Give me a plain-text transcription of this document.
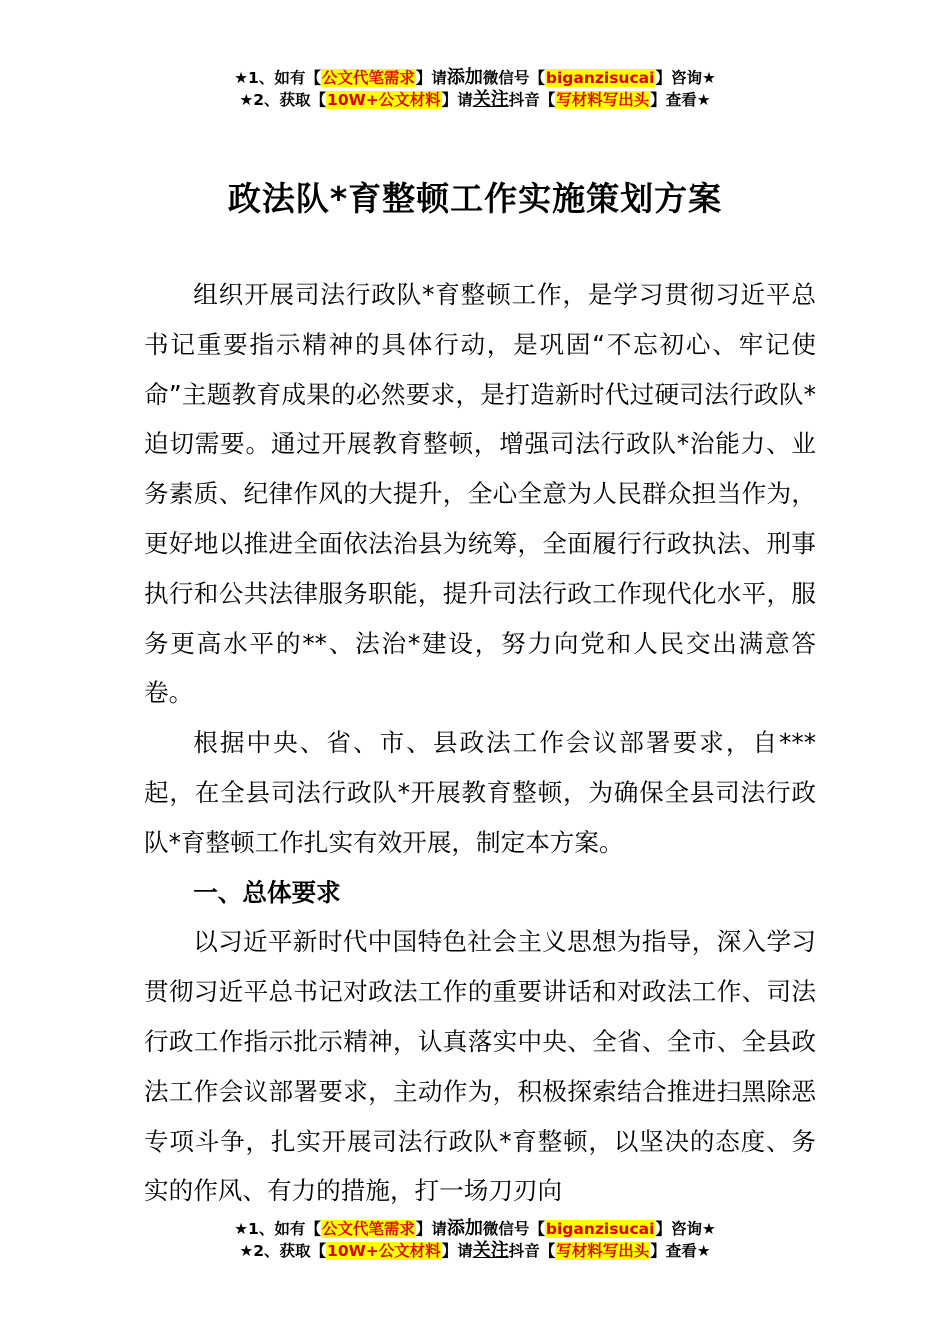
★1、如有【公文代笔需求】请添加微信号【biganzisucai】咨询★
★2、获取【10W+公文材料】请关注抖音【写材料写出头】查看★
政法队*育整顿工作实施策划方案

组织开展司法行政队*育整顿工作，是学习贯彻习近平总书记重要指示精神的具体行动，是巩固“不忘初心、牢记使命”主题教育成果的必然要求，是打造新时代过硬司法行政队*迫切需要。通过开展教育整顿，增强司法行政队*治能力、业务素质、纪律作风的大提升，全心全意为人民群众担当作为，更好地以推进全面依法治县为统筹，全面履行行政执法、刑事执行和公共法律服务职能，提升司法行政工作现代化水平，服务更高水平的**、法治*建设，努力向党和人民交出满意答卷。

根据中央、省、市、县政法工作会议部署要求，自***起，在全县司法行政队*开展教育整顿，为确保全县司法行政队*育整顿工作扎实有效开展，制定本方案。

一、总体要求

以习近平新时代中国特色社会主义思想为指导，深入学习贯彻习近平总书记对政法工作的重要讲话和对政法工作、司法行政工作指示批示精神，认真落实中央、全省、全市、全县政法工作会议部署要求，主动作为，积极探索结合推进扫黑除恶专项斗争，扎实开展司法行政队*育整顿，以坚决的态度、务实的作风、有力的措施，打一场刀刃向

★1、如有【公文代笔需求】请添加微信号【biganzisucai】咨询★
★2、获取【10W+公文材料】请关注抖音【写材料写出头】查看★
